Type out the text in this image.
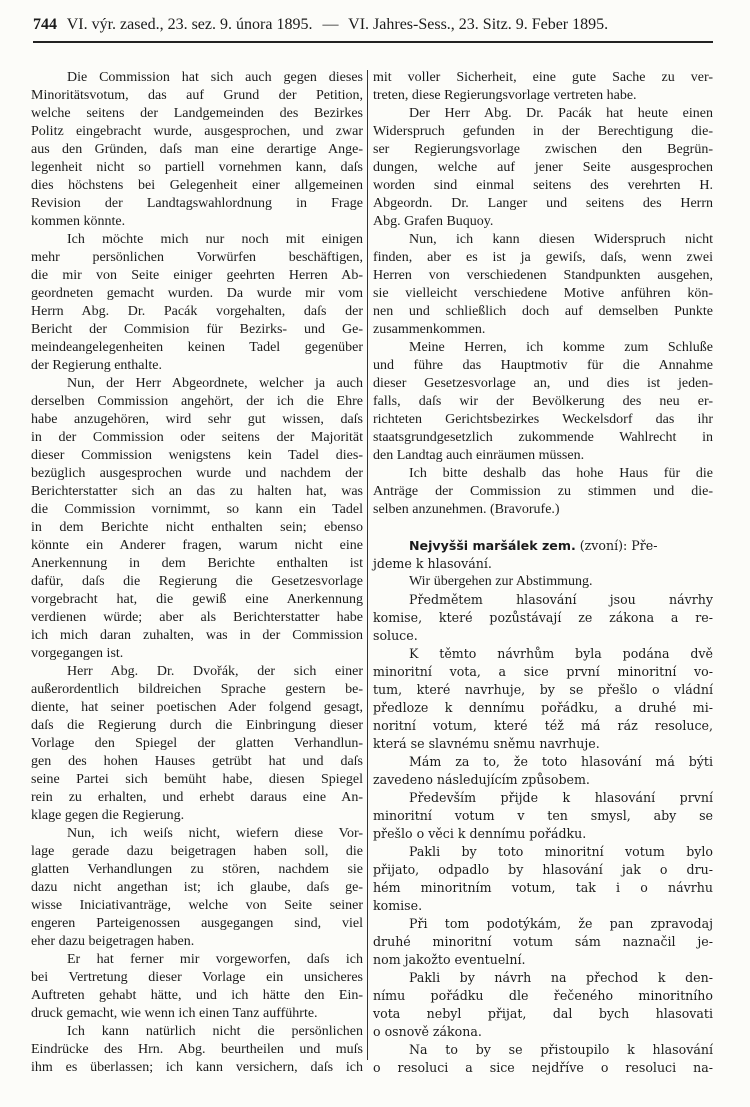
744 VI. výr. zased., 23. sez. 9. února 1895. — VI. Jahres-Sess., 23. Sitz. 9. Feber 1895.
Die Commission hat sich auch gegen dieses
Minoritätsvotum, das auf Grund der Petition,
welche seitens der Landgemeinden des Bezirkes
Politz eingebracht wurde, ausgesprochen, und zwar
aus den Gründen, daſs man eine derartige Ange-
legenheit nicht so partiell vornehmen kann, daſs
dies höchstens bei Gelegenheit einer allgemeinen
Revision der Landtagswahlordnung in Frage
kommen könnte.
Ich möchte mich nur noch mit einigen
mehr persönlichen Vorwürfen beschäftigen,
die mir von Seite einiger geehrten Herren Ab-
geordneten gemacht wurden. Da wurde mir vom
Herrn Abg. Dr. Pacák vorgehalten, daſs der
Bericht der Commision für Bezirks- und Ge-
meindeangelegenheiten keinen Tadel gegenüber
der Regierung enthalte.
Nun, der Herr Abgeordnete, welcher ja auch
derselben Commission angehört, der ich die Ehre
habe anzugehören, wird sehr gut wissen, daſs
in der Commission oder seitens der Majorität
dieser Commission wenigstens kein Tadel dies-
bezüglich ausgesprochen wurde und nachdem der
Berichterstatter sich an das zu halten hat, was
die Commission vornimmt, so kann ein Tadel
in dem Berichte nicht enthalten sein; ebenso
könnte ein Anderer fragen, warum nicht eine
Anerkennung in dem Berichte enthalten ist
dafür, daſs die Regierung die Gesetzesvorlage
vorgebracht hat, die gewiß eine Anerkennung
verdienen würde; aber als Berichterstatter habe
ich mich daran zuhalten, was in der Commission
vorgegangen ist.
Herr Abg. Dr. Dvořák, der sich einer
außerordentlich bildreichen Sprache gestern be-
diente, hat seiner poetischen Ader folgend gesagt,
daſs die Regierung durch die Einbringung dieser
Vorlage den Spiegel der glatten Verhandlun-
gen des hohen Hauses getrübt hat und daſs
seine Partei sich bemüht habe, diesen Spiegel
rein zu erhalten, und erhebt daraus eine An-
klage gegen die Regierung.
Nun, ich weiſs nicht, wiefern diese Vor-
lage gerade dazu beigetragen haben soll, die
glatten Verhandlungen zu stören, nachdem sie
dazu nicht angethan ist; ich glaube, daſs ge-
wisse Iniciativanträge, welche von Seite seiner
engeren Parteigenossen ausgegangen sind, viel
eher dazu beigetragen haben.
Er hat ferner mir vorgeworfen, daſs ich
bei Vertretung dieser Vorlage ein unsicheres
Auftreten gehabt hätte, und ich hätte den Ein-
druck gemacht, wie wenn ich einen Tanz aufführte.
Ich kann natürlich nicht die persönlichen
Eindrücke des Hrn. Abg. beurtheilen und muſs
ihm es überlassen; ich kann versichern, daſs ich
mit voller Sicherheit, eine gute Sache zu ver-
treten, diese Regierungsvorlage vertreten habe.
Der Herr Abg. Dr. Pacák hat heute einen
Widerspruch gefunden in der Berechtigung die-
ser Regierungsvorlage zwischen den Begrün-
dungen, welche auf jener Seite ausgesprochen
worden sind einmal seitens des verehrten H.
Abgeordn. Dr. Langer und seitens des Herrn
Abg. Grafen Buquoy.
Nun, ich kann diesen Widerspruch nicht
finden, aber es ist ja gewiſs, daſs, wenn zwei
Herren von verschiedenen Standpunkten ausgehen,
sie vielleicht verschiedene Motive anführen kön-
nen und schließlich doch auf demselben Punkte
zusammenkommen.
Meine Herren, ich komme zum Schluße
und führe das Hauptmotiv für die Annahme
dieser Gesetzesvorlage an, und dies ist jeden-
falls, daſs wir der Bevölkerung des neu er-
richteten Gerichtsbezirkes Weckelsdorf das ihr
staatsgrundgesetzlich zukommende Wahlrecht in
den Landtag auch einräumen müssen.
Ich bitte deshalb das hohe Haus für die
Anträge der Commission zu stimmen und die-
selben anzunehmen. (Bravorufe.)
Nejvyšši maršálek zem. (zvoní): Pře-
jdeme k hlasování.
Wir übergehen zur Abstimmung.
Předmětem hlasování jsou návrhy
komise, které pozůstávají ze zákona a re-
soluce.
K těmto návrhům byla podána dvě
minoritní vota, a sice první minoritní vo-
tum, které navrhuje, by se přešlo o vládní
předloze k dennímu pořádku, a druhé mi-
noritní votum, které též má ráz resoluce,
která se slavnému sněmu navrhuje.
Mám za to, že toto hlasování má býti
zavedeno následujícím způsobem.
Především přijde k hlasování první
minoritní votum v ten smysl, aby se
přešlo o věci k dennímu pořádku.
Pakli by toto minoritní votum bylo
přijato, odpadlo by hlasování jak o dru-
hém minoritním votum, tak i o návrhu
komise.
Při tom podotýkám, že pan zpravodaj
druhé minoritní votum sám naznačil je-
nom jakožto eventuelní.
Pakli by návrh na přechod k den-
nímu pořádku dle řečeného minoritního
vota nebyl přijat, dal bych hlasovati
o osnově zákona.
Na to by se přistoupilo k hlasování
o resoluci a sice nejdříve o resoluci na-
